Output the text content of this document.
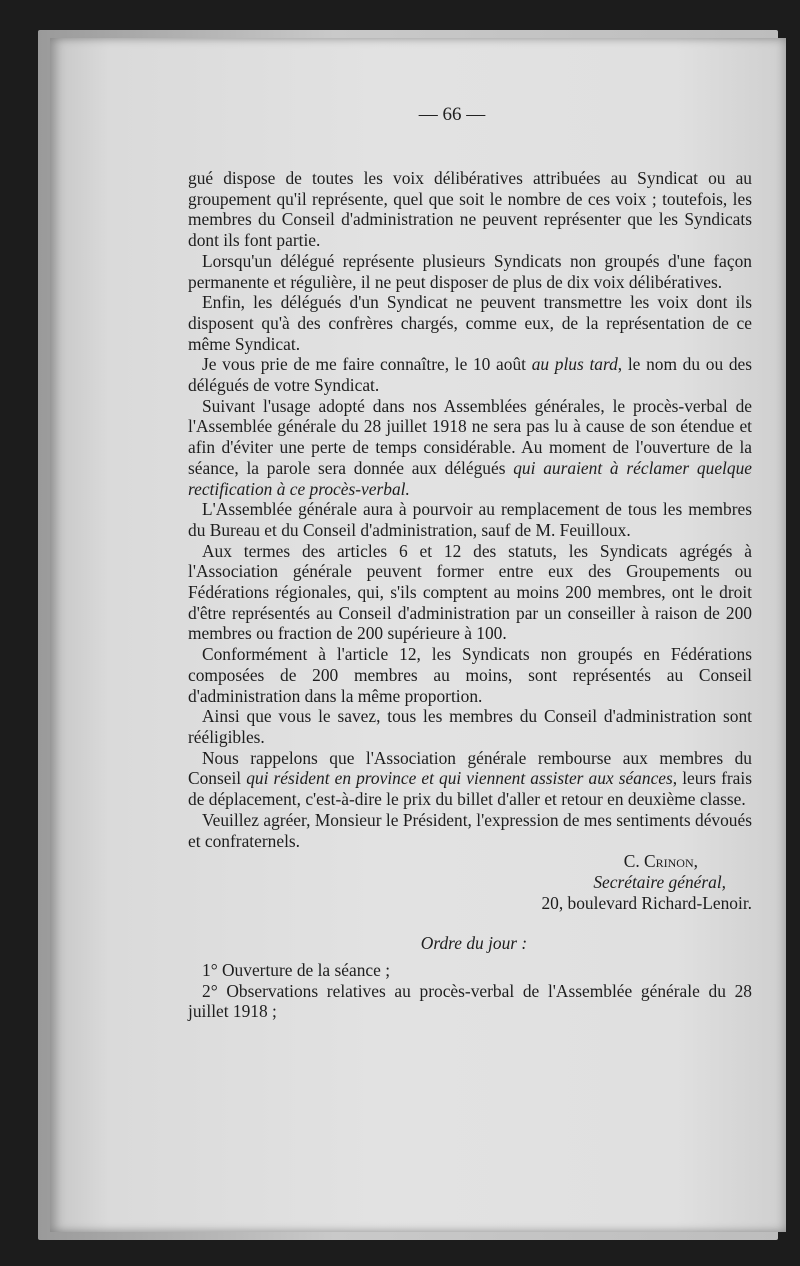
— 66 —

gué dispose de toutes les voix délibératives attribuées au Syndicat ou au groupement qu'il représente, quel que soit le nombre de ces voix ; toutefois, les membres du Conseil d'administration ne peuvent représenter que les Syndicats dont ils font partie.

Lorsqu'un délégué représente plusieurs Syndicats non groupés d'une façon permanente et régulière, il ne peut disposer de plus de dix voix délibératives.

Enfin, les délégués d'un Syndicat ne peuvent transmettre les voix dont ils disposent qu'à des confrères chargés, comme eux, de la représentation de ce même Syndicat.

Je vous prie de me faire connaître, le 10 août au plus tard, le nom du ou des délégués de votre Syndicat.

Suivant l'usage adopté dans nos Assemblées générales, le procès-verbal de l'Assemblée générale du 28 juillet 1918 ne sera pas lu à cause de son étendue et afin d'éviter une perte de temps considérable. Au moment de l'ouverture de la séance, la parole sera donnée aux délégués qui auraient à réclamer quelque rectification à ce procès-verbal.

L'Assemblée générale aura à pourvoir au remplacement de tous les membres du Bureau et du Conseil d'administration, sauf de M. Feuilloux.

Aux termes des articles 6 et 12 des statuts, les Syndicats agrégés à l'Association générale peuvent former entre eux des Groupements ou Fédérations régionales, qui, s'ils comptent au moins 200 membres, ont le droit d'être représentés au Conseil d'administration par un conseiller à raison de 200 membres ou fraction de 200 supérieure à 100.

Conformément à l'article 12, les Syndicats non groupés en Fédérations composées de 200 membres au moins, sont représentés au Conseil d'administration dans la même proportion.

Ainsi que vous le savez, tous les membres du Conseil d'administration sont rééligibles.

Nous rappelons que l'Association générale rembourse aux membres du Conseil qui résident en province et qui viennent assister aux séances, leurs frais de déplacement, c'est-à-dire le prix du billet d'aller et retour en deuxième classe.

Veuillez agréer, Monsieur le Président, l'expression de mes sentiments dévoués et confraternels.

C. Crinon,

Secrétaire général,

20, boulevard Richard-Lenoir.

Ordre du jour :

1° Ouverture de la séance ;

2° Observations relatives au procès-verbal de l'Assemblée générale du 28 juillet 1918 ;
